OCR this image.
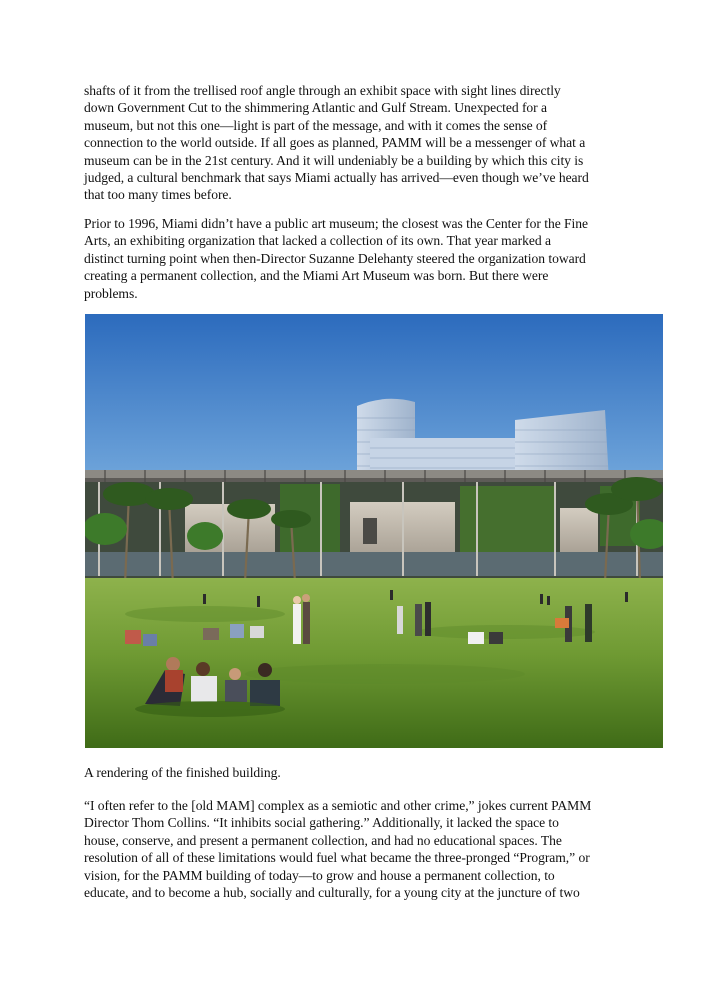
shafts of it from the trellised roof angle through an exhibit space with sight lines directly
down Government Cut to the shimmering Atlantic and Gulf Stream. Unexpected for a
museum, but not this one—light is part of the message, and with it comes the sense of
connection to the world outside. If all goes as planned, PAMM will be a messenger of what a
museum can be in the 21st century. And it will undeniably be a building by which this city is
judged, a cultural benchmark that says Miami actually has arrived—even though we’ve heard
that too many times before.

Prior to 1996, Miami didn’t have a public art museum; the closest was the Center for the Fine
Arts, an exhibiting organization that lacked a collection of its own. That year marked a
distinct turning point when then-Director Suzanne Delehanty steered the organization toward
creating a permanent collection, and the Miami Art Museum was born. But there were
problems.

A rendering of the finished building.

“I often refer to the [old MAM] complex as a semiotic and other crime,” jokes current PAMM
Director Thom Collins. “It inhibits social gathering.” Additionally, it lacked the space to
house, conserve, and present a permanent collection, and had no educational spaces. The
resolution of all of these limitations would fuel what became the three-pronged “Program,” or
vision, for the PAMM building of today—to grow and house a permanent collection, to
educate, and to become a hub, socially and culturally, for a young city at the juncture of two
